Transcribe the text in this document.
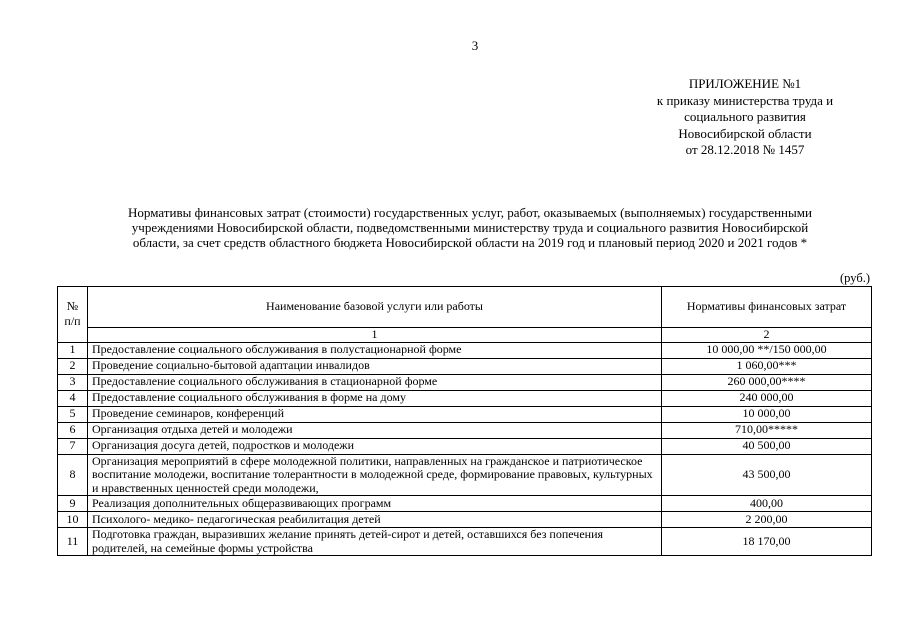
3
ПРИЛОЖЕНИЕ №1
к приказу министерства труда и
социального развития
Новосибирской области
от 28.12.2018 № 1457
Нормативы финансовых затрат (стоимости) государственных услуг, работ, оказываемых (выполняемых) государственными
учреждениями Новосибирской области, подведомственными министерству труда и социального развития Новосибирской
области, за счет средств областного бюджета Новосибирской области на 2019 год и плановый период 2020 и 2021 годов *
(руб.)
№
п/п	Наименование базовой услуги или работы	Нормативы финансовых затрат
	1	2
1	Предоставление социального обслуживания в полустационарной форме	10 000,00 **/150 000,00
2	Проведение социально-бытовой адаптации инвалидов	1 060,00***
3	Предоставление социального обслуживания в стационарной форме	260 000,00****
4	Предоставление социального обслуживания в форме на дому	240 000,00
5	Проведение семинаров, конференций	10 000,00
6	Организация отдыха детей и молодежи	710,00*****
7	Организация досуга детей, подростков и молодежи	40 500,00
8	Организация мероприятий в сфере молодежной политики, направленных на гражданское и патриотическое воспитание молодежи, воспитание толерантности в молодежной среде, формирование правовых, культурных и нравственных ценностей среди молодежи,	43 500,00
9	Реализация дополнительных общеразвивающих программ	400,00
10	Психолого- медико- педагогическая реабилитация детей	2 200,00
11	Подготовка граждан, выразивших желание принять детей-сирот и детей, оставшихся без попечения родителей, на семейные формы устройства	18 170,00
